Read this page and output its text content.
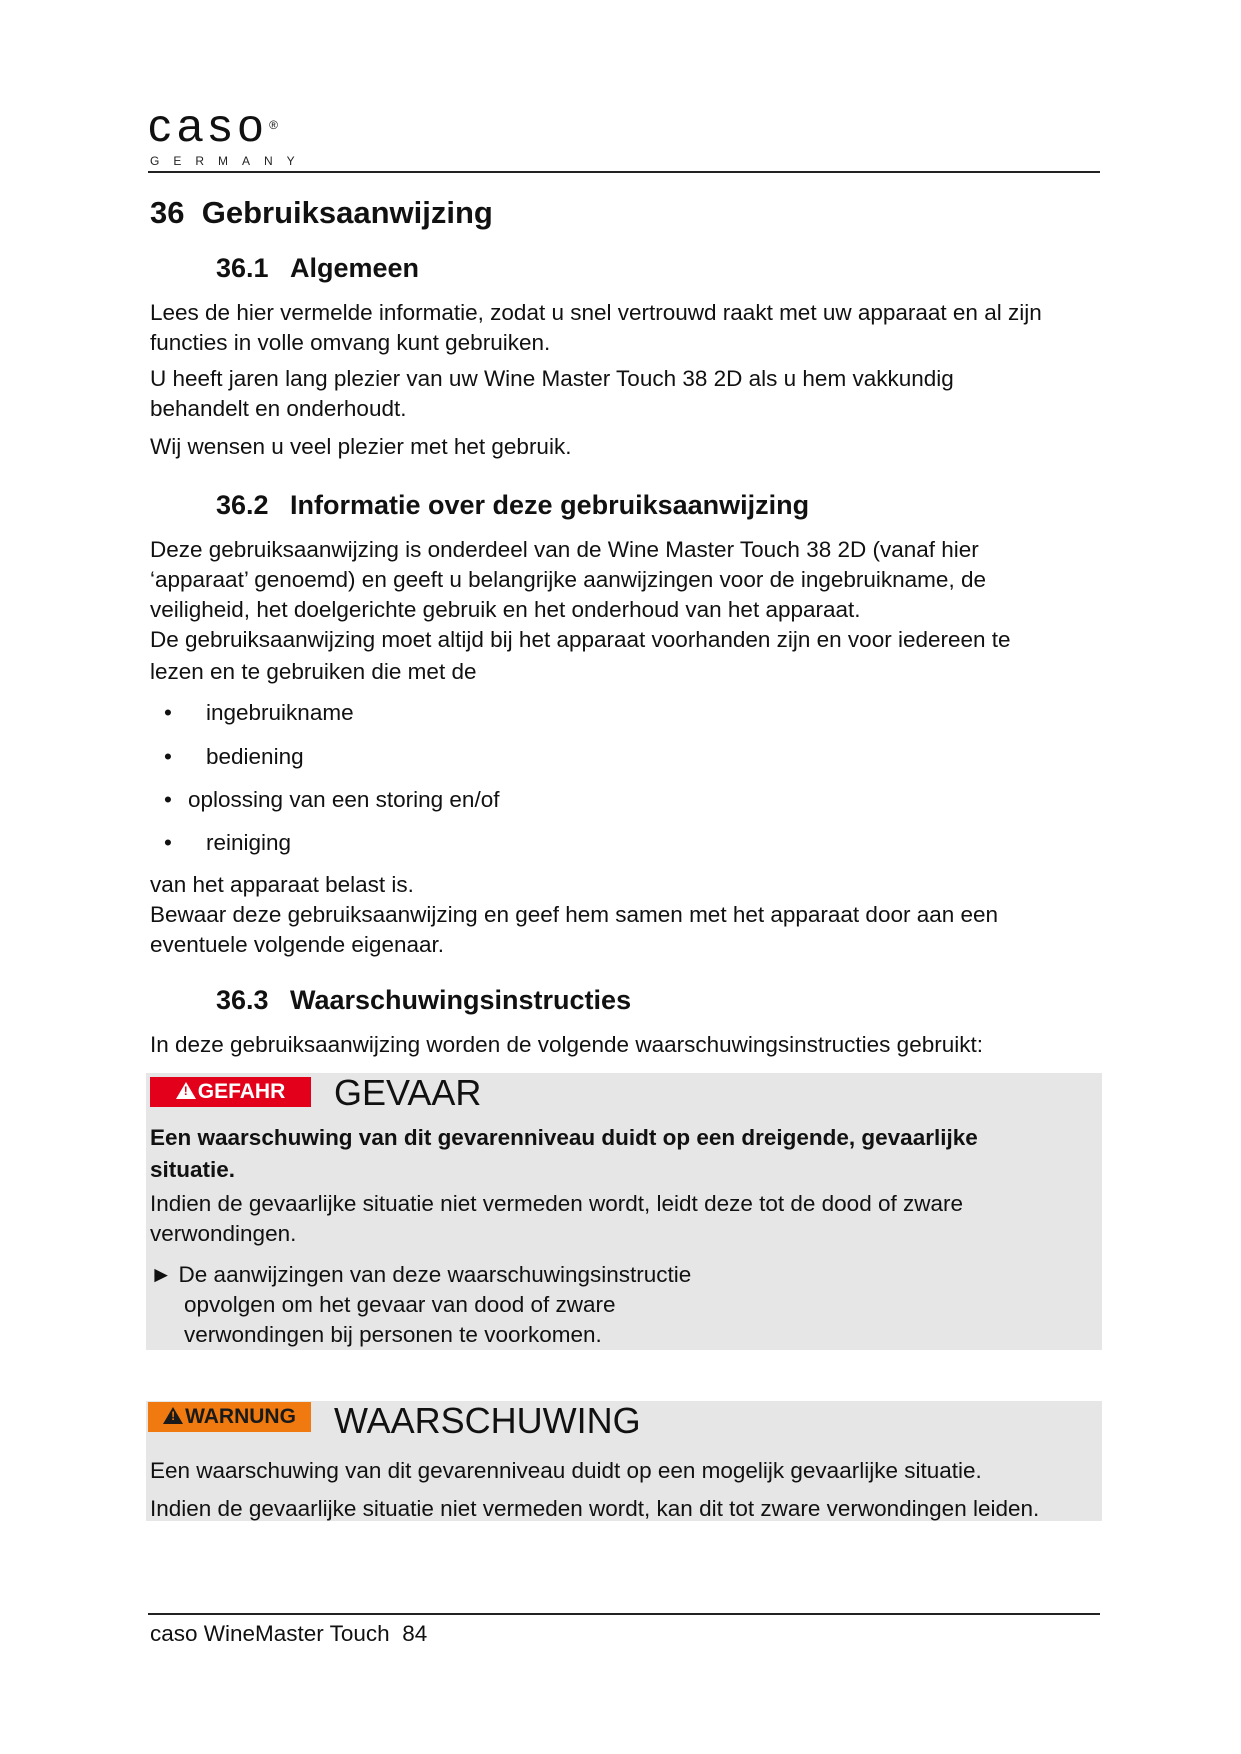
caso®
GERMANY
36 Gebruiksaanwijzing
36.1 Algemeen
Lees de hier vermelde informatie, zodat u snel vertrouwd raakt met uw apparaat en al zijn
functies in volle omvang kunt gebruiken.
U heeft jaren lang plezier van uw Wine Master Touch 38 2D als u hem vakkundig
behandelt en onderhoudt.
Wij wensen u veel plezier met het gebruik.
36.2 Informatie over deze gebruiksaanwijzing
Deze gebruiksaanwijzing is onderdeel van de Wine Master Touch 38 2D (vanaf hier
‘apparaat’ genoemd) en geeft u belangrijke aanwijzingen voor de ingebruikname, de
veiligheid, het doelgerichte gebruik en het onderhoud van het apparaat.
De gebruiksaanwijzing moet altijd bij het apparaat voorhanden zijn en voor iedereen te
lezen en te gebruiken die met de
• ingebruikname
• bediening
• oplossing van een storing en/of
• reiniging
van het apparaat belast is.
Bewaar deze gebruiksaanwijzing en geef hem samen met het apparaat door aan een
eventuele volgende eigenaar.
36.3 Waarschuwingsinstructies
In deze gebruiksaanwijzing worden de volgende waarschuwingsinstructies gebruikt:
! GEFAHR	GEVAAR
Een waarschuwing van dit gevarenniveau duidt op een dreigende, gevaarlijke
situatie.
Indien de gevaarlijke situatie niet vermeden wordt, leidt deze tot de dood of zware
verwondingen.
► De aanwijzingen van deze waarschuwingsinstructie
opvolgen om het gevaar van dood of zware
verwondingen bij personen te voorkomen.
! WARNUNG	WAARSCHUWING
Een waarschuwing van dit gevarenniveau duidt op een mogelijk gevaarlijke situatie.
Indien de gevaarlijke situatie niet vermeden wordt, kan dit tot zware verwondingen leiden.
caso WineMaster Touch 84
